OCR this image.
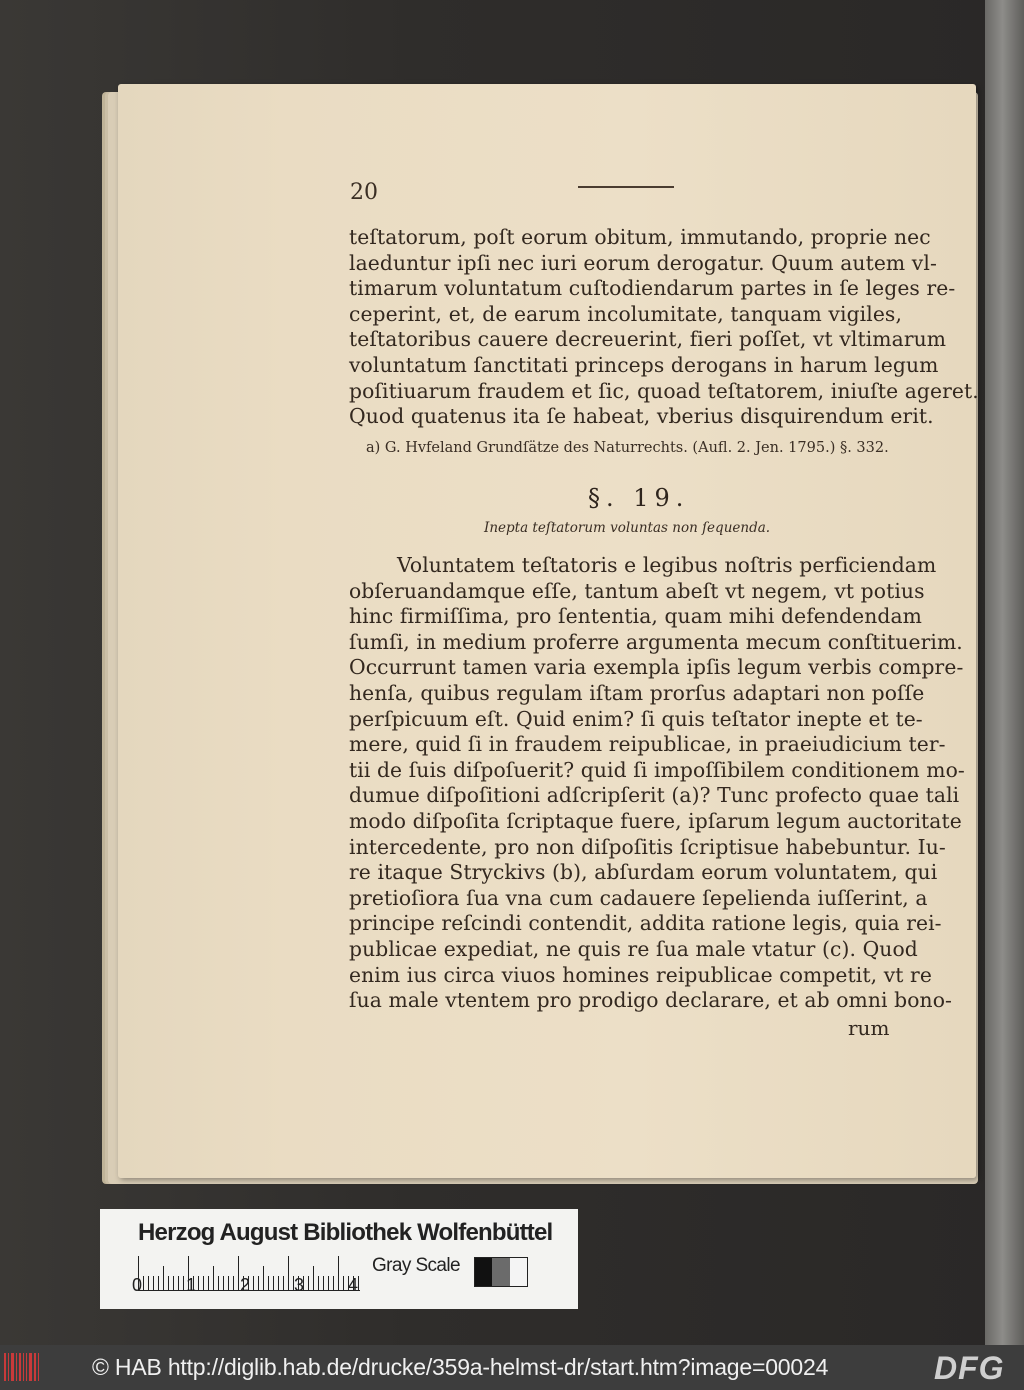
20
teſtatorum, poſt eorum obitum, immutando, proprie nec
laeduntur ipſi nec iuri eorum derogatur. Quum autem vl-
timarum voluntatum cuſtodiendarum partes in ſe leges re-
ceperint, et, de earum incolumitate, tanquam vigiles,
teſtatoribus cauere decreuerint, fieri poſſet, vt vltimarum
voluntatum ſanctitati princeps derogans in harum legum
poſitiuarum fraudem et ſic, quoad teſtatorem, iniuſte ageret.
Quod quatenus ita ſe habeat, vberius disquirendum erit.
a) G. Hvfeland Grundſätze des Naturrechts. (Aufl. 2. Jen. 1795.) §. 332.
§. 19.
Inepta teſtatorum voluntas non ſequenda.
Voluntatem teſtatoris e legibus noſtris perficiendam
obſeruandamque eſſe, tantum abeſt vt negem, vt potius
hinc firmiſſima, pro ſententia, quam mihi defendendam
ſumſi, in medium proferre argumenta mecum conſtituerim.
Occurrunt tamen varia exempla ipſis legum verbis compre-
henſa, quibus regulam iſtam prorſus adaptari non poſſe
perſpicuum eſt. Quid enim? ſi quis teſtator inepte et te-
mere, quid ſi in fraudem reipublicae, in praeiudicium ter-
tii de ſuis diſpoſuerit? quid ſi impoſſibilem conditionem mo-
dumue diſpoſitioni adſcripſerit (a)? Tunc profecto quae tali
modo diſpoſita ſcriptaque fuere, ipſarum legum auctoritate
intercedente, pro non diſpoſitis ſcriptisue habebuntur. Iu-
re itaque Stryckivs (b), abſurdam eorum voluntatem, qui
pretioſiora ſua vna cum cadauere ſepelienda iuſſerint, a
principe reſcindi contendit, addita ratione legis, quia rei-
publicae expediat, ne quis re ſua male vtatur (c). Quod
enim ius circa viuos homines reipublicae competit, vt re
ſua male vtentem pro prodigo declarare, et ab omni bono-
rum
Herzog August Bibliothek Wolfenbüttel
0 1 2 3 4
Gray Scale
© HAB http://diglib.hab.de/drucke/359a-helmst-dr/start.htm?image=00024	DFG
